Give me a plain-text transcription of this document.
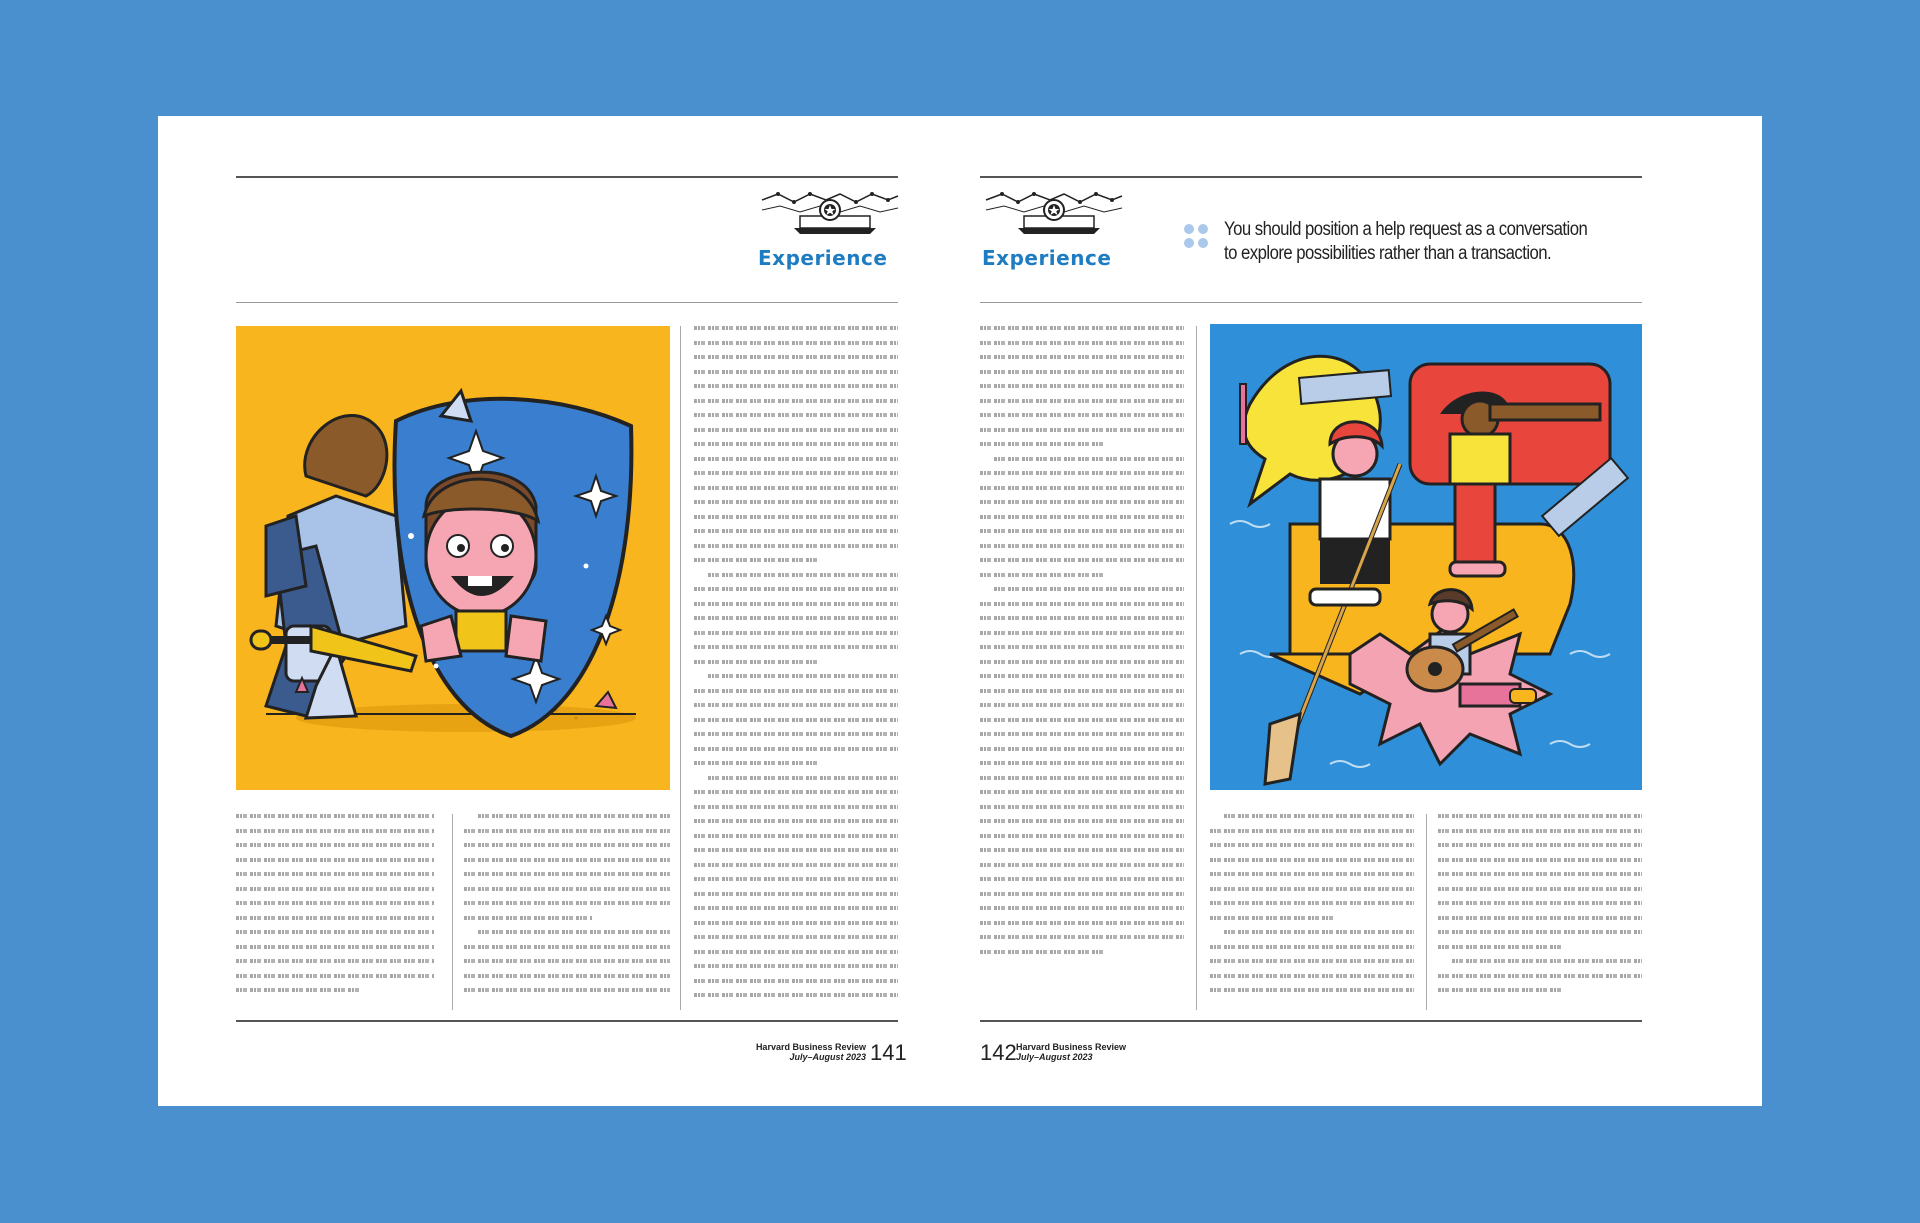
Experience
Harvard Business Review
July–August 2023 141
Experience
You should position a help request as a conversation
to explore possibilities rather than a transaction.
142 Harvard Business Review
July–August 2023
